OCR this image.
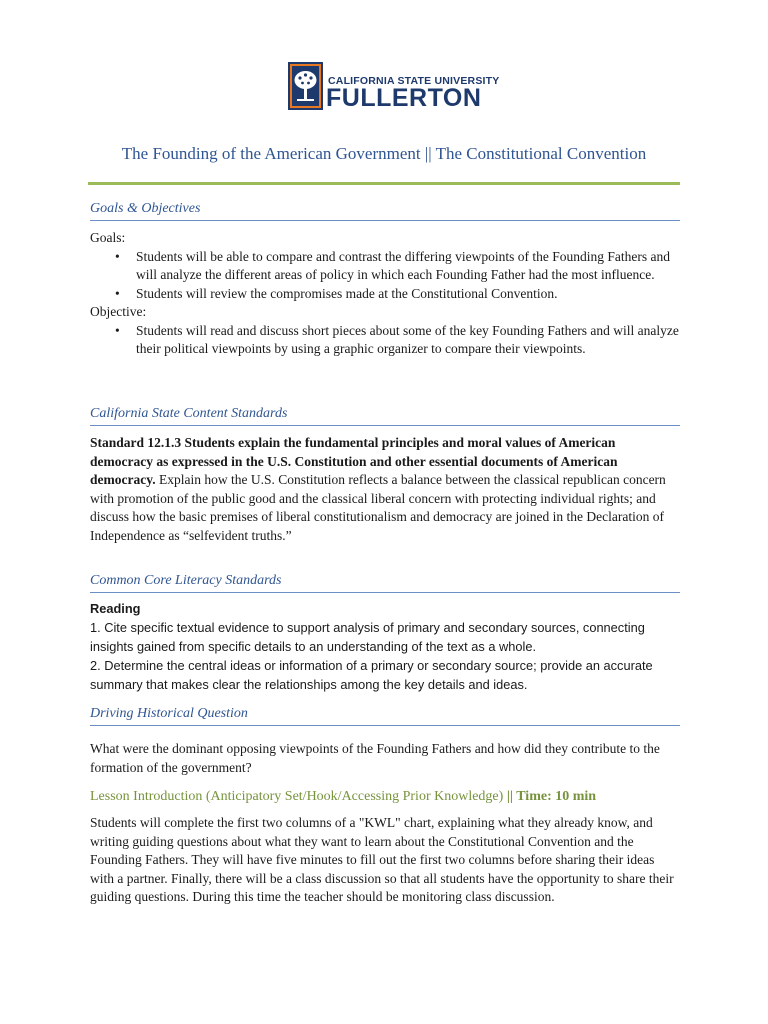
CALIFORNIA STATE UNIVERSITY
FULLERTON
The Founding of the American Government || The Constitutional Convention
Goals & Objectives
Goals:
• Students will be able to compare and contrast the differing viewpoints of the Founding Fathers and will analyze the different areas of policy in which each Founding Father had the most influence.
• Students will review the compromises made at the Constitutional Convention.
Objective:
• Students will read and discuss short pieces about some of the key Founding Fathers and will analyze their political viewpoints by using a graphic organizer to compare their viewpoints.
California State Content Standards
Standard 12.1.3 Students explain the fundamental principles and moral values of American democracy as expressed in the U.S. Constitution and other essential documents of American democracy. Explain how the U.S. Constitution reflects a balance between the classical republican concern with promotion of the public good and the classical liberal concern with protecting individual rights; and discuss how the basic premises of liberal constitutionalism and democracy are joined in the Declaration of Independence as “selfevident truths.”
Common Core Literacy Standards
Reading
1. Cite specific textual evidence to support analysis of primary and secondary sources, connecting insights gained from specific details to an understanding of the text as a whole.
2. Determine the central ideas or information of a primary or secondary source; provide an accurate summary that makes clear the relationships among the key details and ideas.
Driving Historical Question
What were the dominant opposing viewpoints of the Founding Fathers and how did they contribute to the formation of the government?
Lesson Introduction (Anticipatory Set/Hook/Accessing Prior Knowledge) || Time: 10 min
Students will complete the first two columns of a "KWL" chart, explaining what they already know, and writing guiding questions about what they want to learn about the Constitutional Convention and the Founding Fathers. They will have five minutes to fill out the first two columns before sharing their ideas with a partner. Finally, there will be a class discussion so that all students have the opportunity to share their guiding questions. During this time the teacher should be monitoring class discussion.
